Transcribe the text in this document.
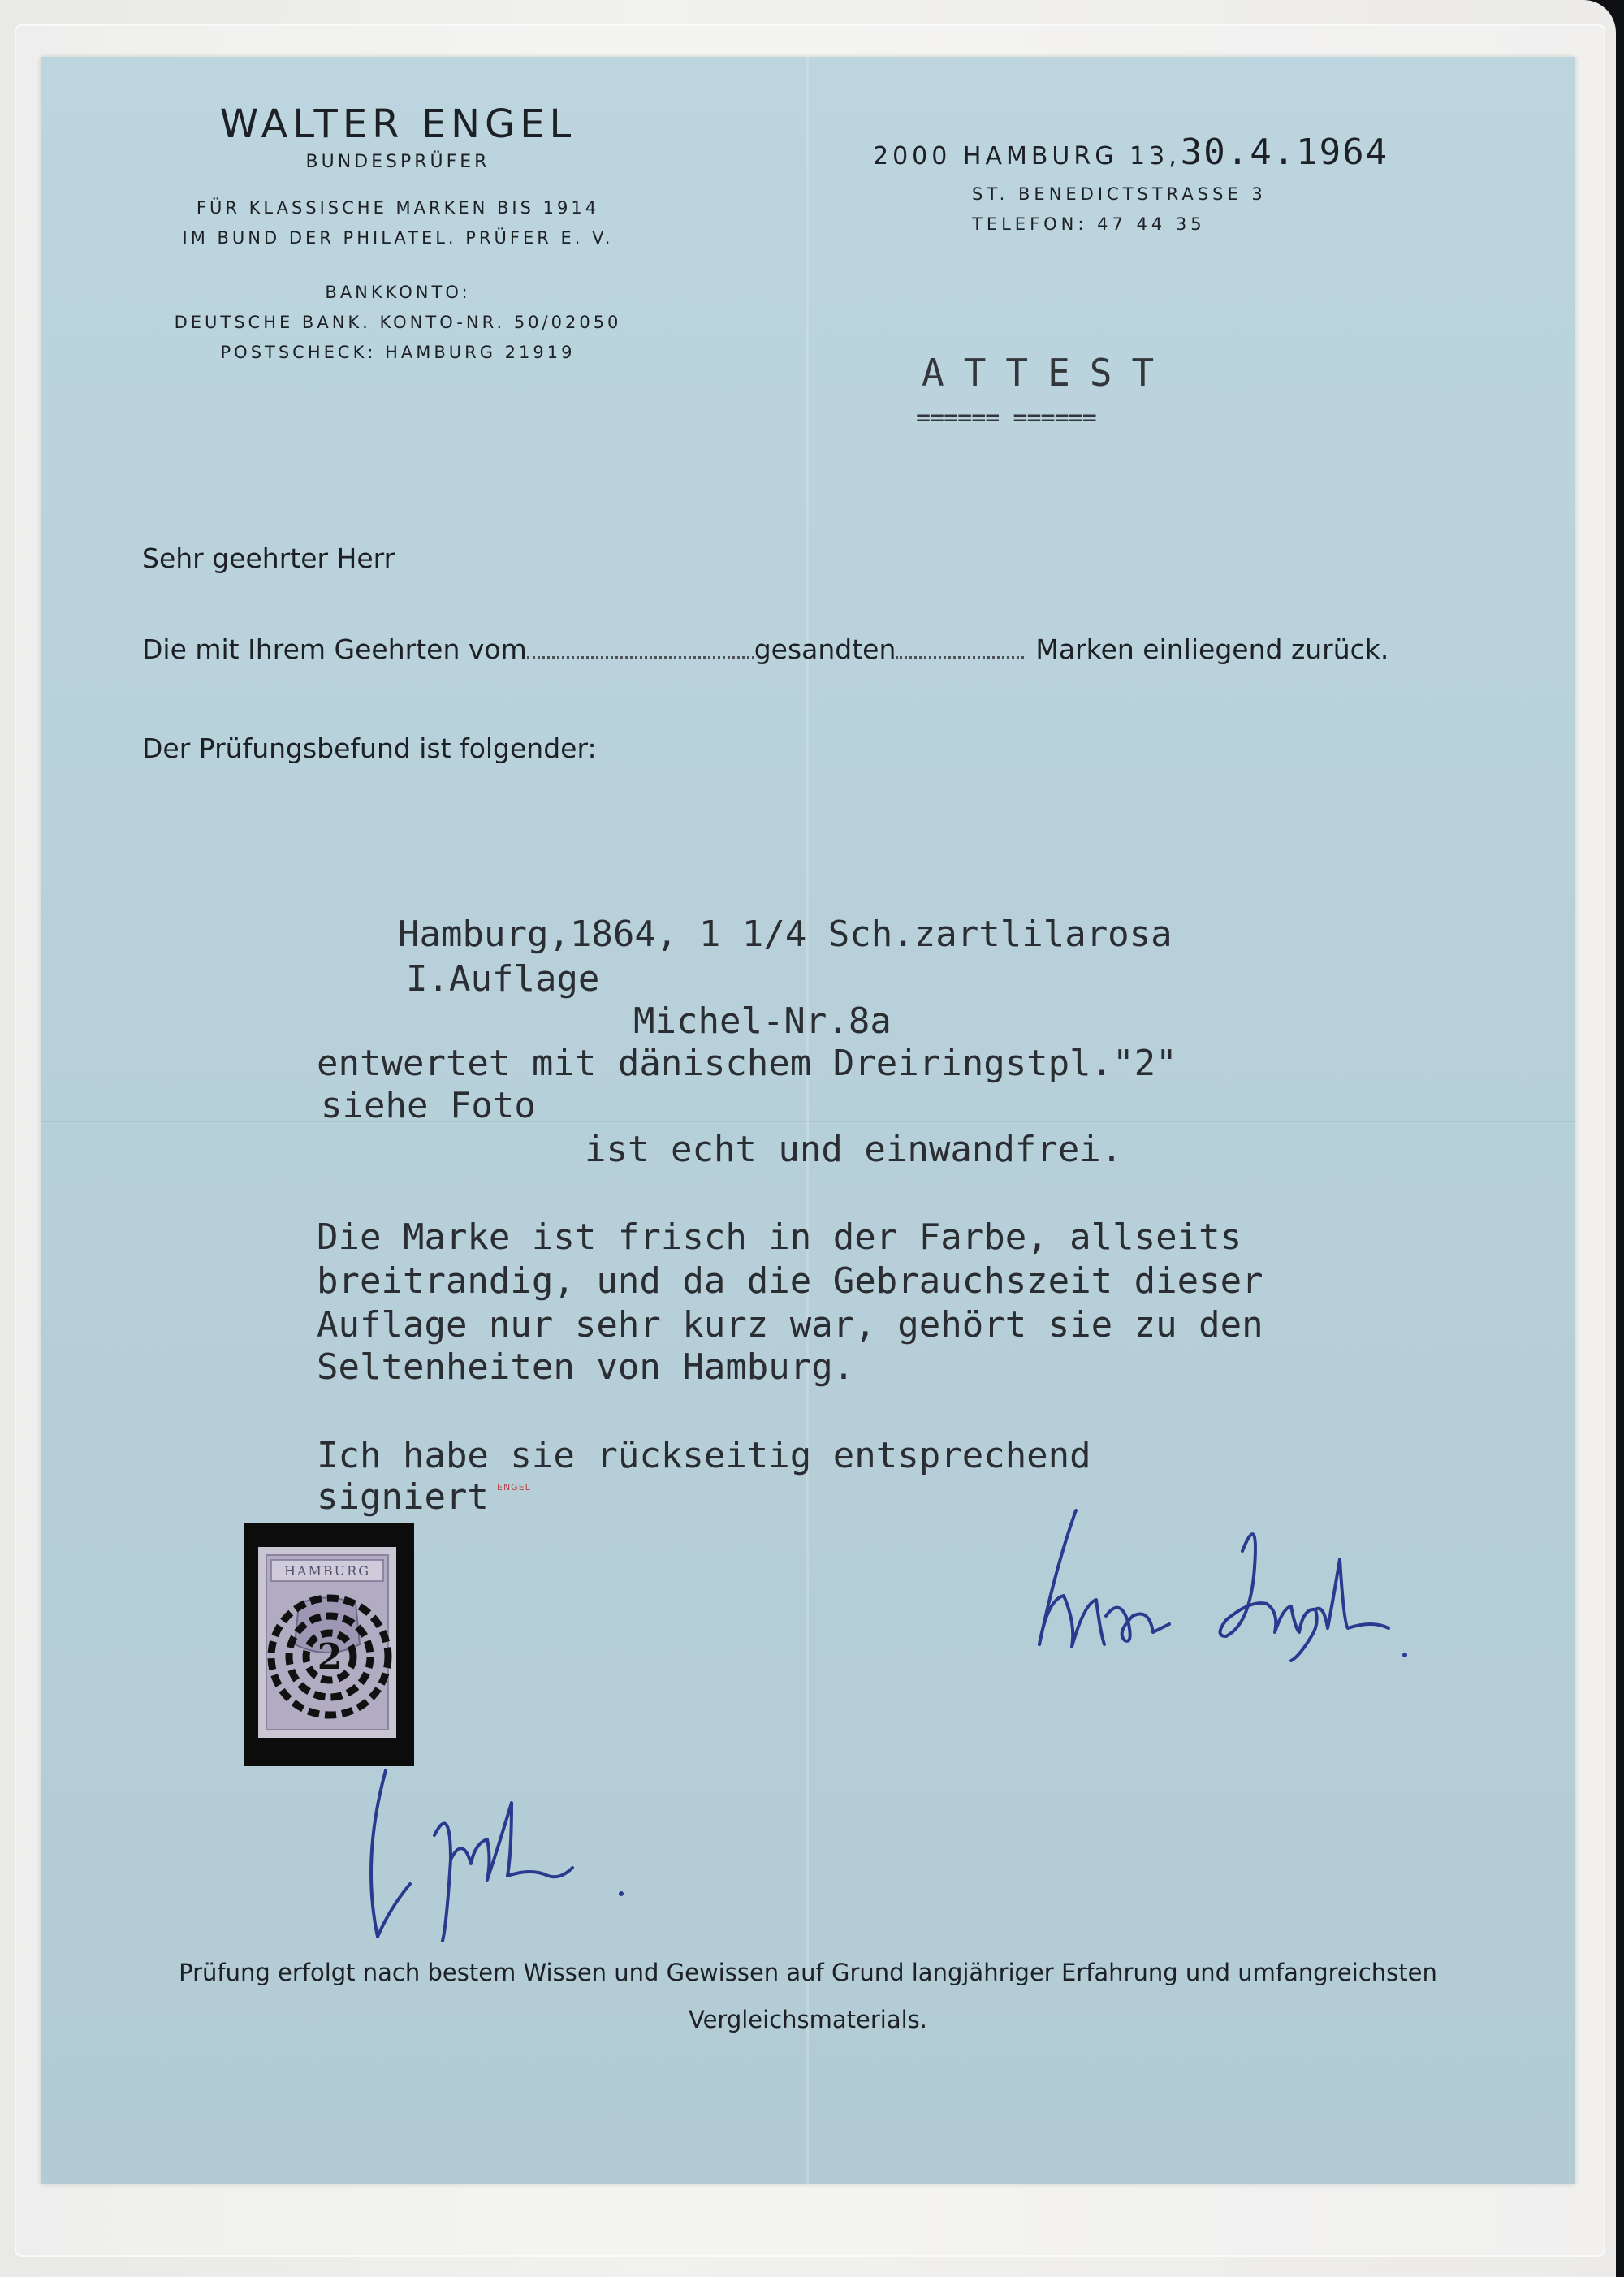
WALTER ENGEL
BUNDESPRÜFER
FÜR KLASSISCHE MARKEN BIS 1914
IM BUND DER PHILATEL. PRÜFER E. V.
BANKKONTO:
DEUTSCHE BANK. KONTO-NR. 50/02050
POSTSCHECK: HAMBURG 21919
2000 HAMBURG 13,30.4.1964
ST. BENEDICTSTRASSE 3
TELEFON: 47 44 35
ATTEST
====== ======
Sehr geehrter Herr
Die mit Ihrem Geehrten vom	gesandten	Marken einliegend zurück.
Der Prüfungsbefund ist folgender:
Hamburg,1864, 1 1/4 Sch.zartlilarosa
I.Auflage
Michel-Nr.8a
entwertet mit dänischem Dreiringstpl."2"
siehe Foto
ist echt und einwandfrei.
Die Marke ist frisch in der Farbe, allseits
breitrandig, und da die Gebrauchszeit dieser
Auflage nur sehr kurz war, gehört sie zu den
Seltenheiten von Hamburg.
Ich habe sie rückseitig entsprechend
signiert ENGEL
HAMBURG
2
Prüfung erfolgt nach bestem Wissen und Gewissen auf Grund langjähriger Erfahrung und umfangreichsten
Vergleichsmaterials.
